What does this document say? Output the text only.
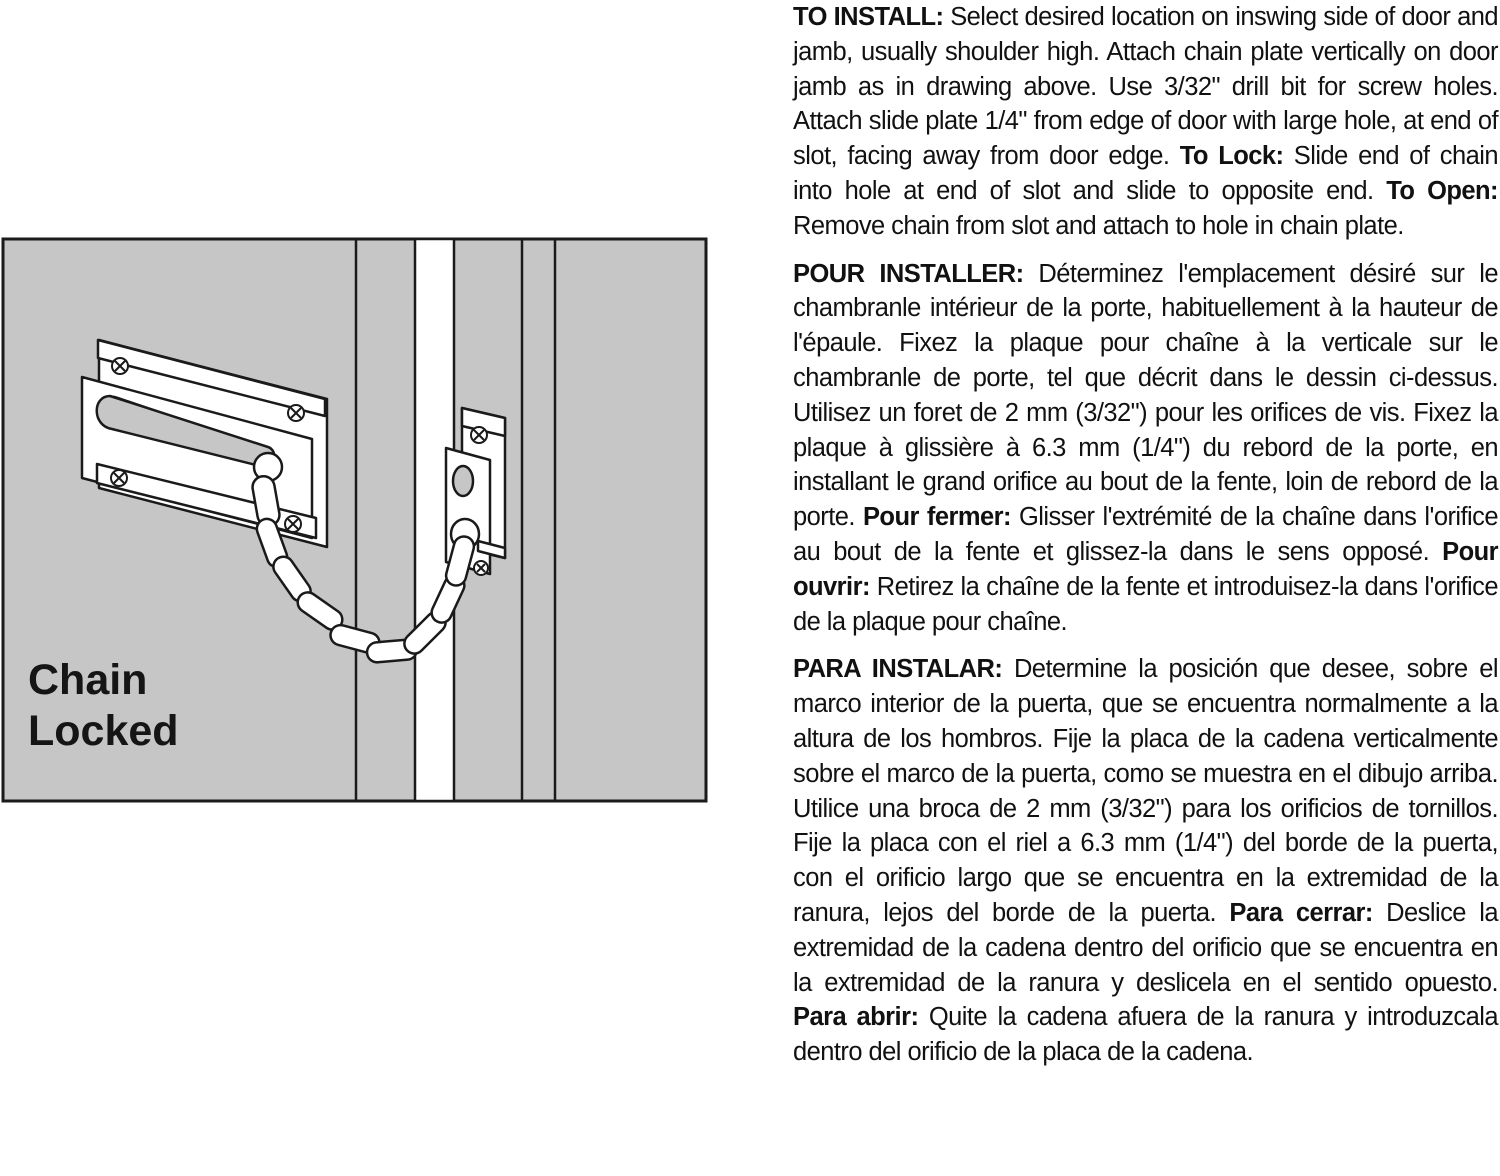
Chain
Locked

TO INSTALL: Select desired location on inswing side of door and jamb, usually shoulder high. Attach chain plate vertically on door jamb as in drawing above. Use 3/32" drill bit for screw holes. Attach slide plate 1/4" from edge of door with large hole, at end of slot, facing away from door edge. To Lock: Slide end of chain into hole at end of slot and slide to opposite end. To Open: Remove chain from slot and attach to hole in chain plate.

POUR INSTALLER: Déterminez l'emplacement désiré sur le chambranle intérieur de la porte, habituellement à la hauteur de l'épaule. Fixez la plaque pour chaîne à la verticale sur le chambranle de porte, tel que décrit dans le dessin ci-dessus. Utilisez un foret de 2 mm (3/32") pour les orifices de vis. Fixez la plaque à glissière à 6.3 mm (1/4") du rebord de la porte, en installant le grand orifice au bout de la fente, loin de rebord de la porte. Pour fermer: Glisser l'extrémité de la chaîne dans l'orifice au bout de la fente et glissez-la dans le sens opposé. Pour ouvrir: Retirez la chaîne de la fente et introduisez-la dans l'orifice de la plaque pour chaîne.

PARA INSTALAR: Determine la posición que desee, sobre el marco interior de la puerta, que se encuentra normalmente a la altura de los hombros. Fije la placa de la cadena verticalmente sobre el marco de la puerta, como se muestra en el dibujo arriba. Utilice una broca de 2 mm (3/32") para los orificios de tornillos. Fije la placa con el riel a 6.3 mm (1/4") del borde de la puerta, con el orificio largo que se encuentra en la extremidad de la ranura, lejos del borde de la puerta. Para cerrar: Deslice la extremidad de la cadena dentro del orificio que se encuentra en la extremidad de la ranura y deslicela en el sentido opuesto. Para abrir: Quite la cadena afuera de la ranura y introduzcala dentro del orificio de la placa de la cadena.
